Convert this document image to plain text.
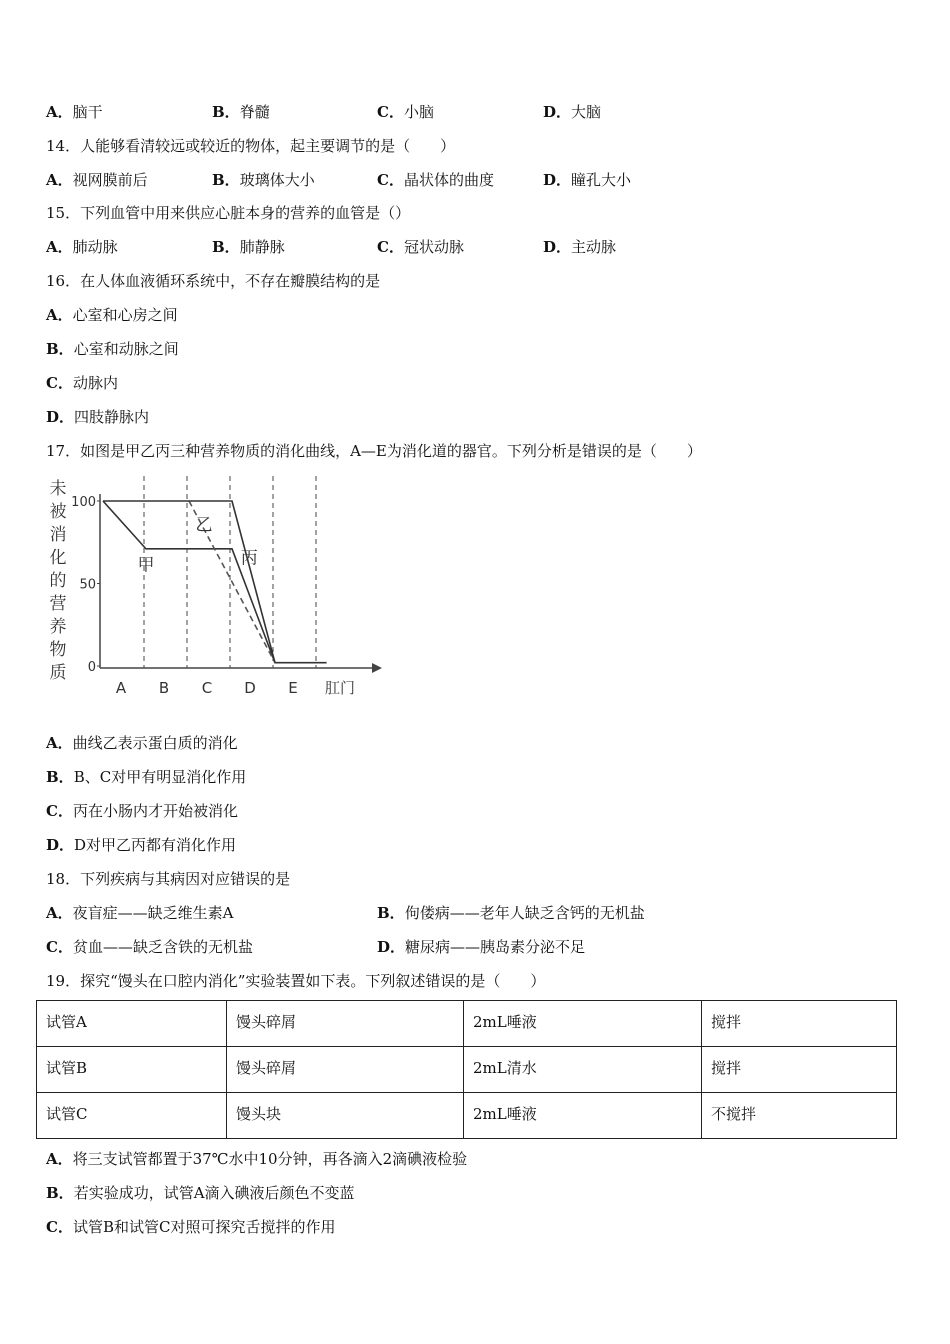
A．脑干	B．脊髓	C．小脑	D．大脑
14．人能够看清较远或较近的物体，起主要调节的是（　　）
A．视网膜前后	B．玻璃体大小	C．晶状体的曲度	D．瞳孔大小
15．下列血管中用来供应心脏本身的营养的血管是（）
A．肺动脉	B．肺静脉	C．冠状动脉	D．主动脉
16．在人体血液循环系统中，不存在瓣膜结构的是
A．心室和心房之间
B．心室和动脉之间
C．动脉内
D．四肢静脉内
17．如图是甲乙丙三种营养物质的消化曲线，A—E为消化道的器官。下列分析是错误的是（　　）
未
被
消
化
的
营
养
物
质
100
50
0
A B C D E 肛门
甲
乙
丙
A．曲线乙表示蛋白质的消化
B．B、C对甲有明显消化作用
C．丙在小肠内才开始被消化
D．D对甲乙丙都有消化作用
18．下列疾病与其病因对应错误的是
A．夜盲症——缺乏维生素A	B．佝偻病——老年人缺乏含钙的无机盐
C．贫血——缺乏含铁的无机盐	D．糖尿病——胰岛素分泌不足
19．探究“馒头在口腔内消化”实验装置如下表。下列叙述错误的是（　　）
试管A	馒头碎屑	2mL唾液	搅拌
试管B	馒头碎屑	2mL清水	搅拌
试管C	馒头块	2mL唾液	不搅拌
A．将三支试管都置于37℃水中10分钟，再各滴入2滴碘液检验
B．若实验成功，试管A滴入碘液后颜色不变蓝
C．试管B和试管C对照可探究舌搅拌的作用
